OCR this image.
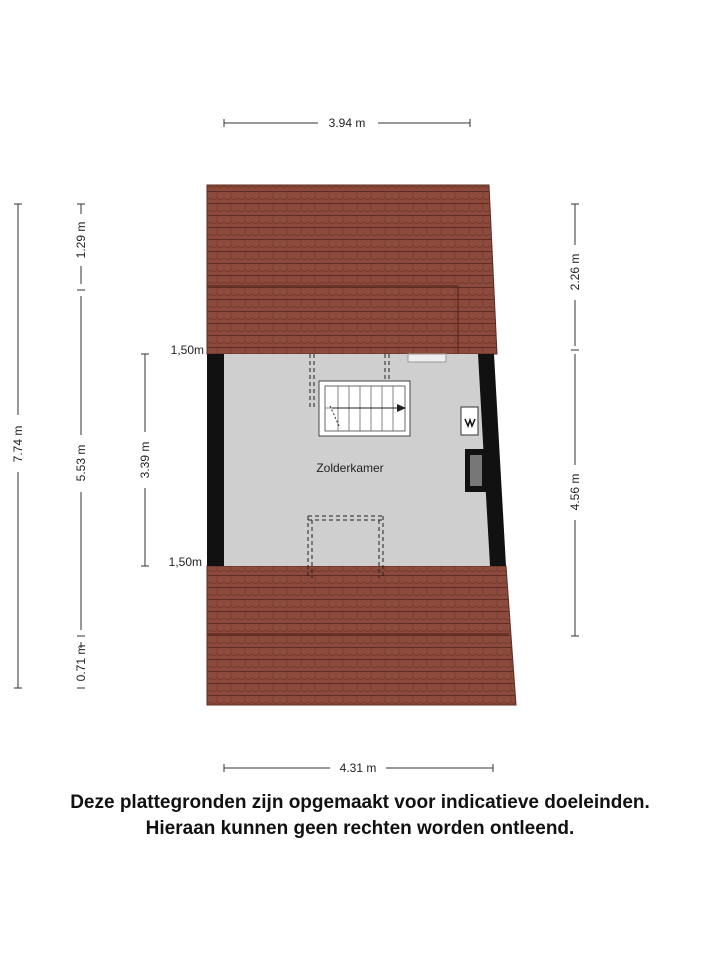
3.94 m
4.31 m
7.74 m
1.29 m
5.53 m
0.71 m
3.39 m
2.26 m
4.56 m
Zolderkamer
1,50m
1,50m
Deze plattegronden zijn opgemaakt voor indicatieve doeleinden.
Hieraan kunnen geen rechten worden ontleend.
